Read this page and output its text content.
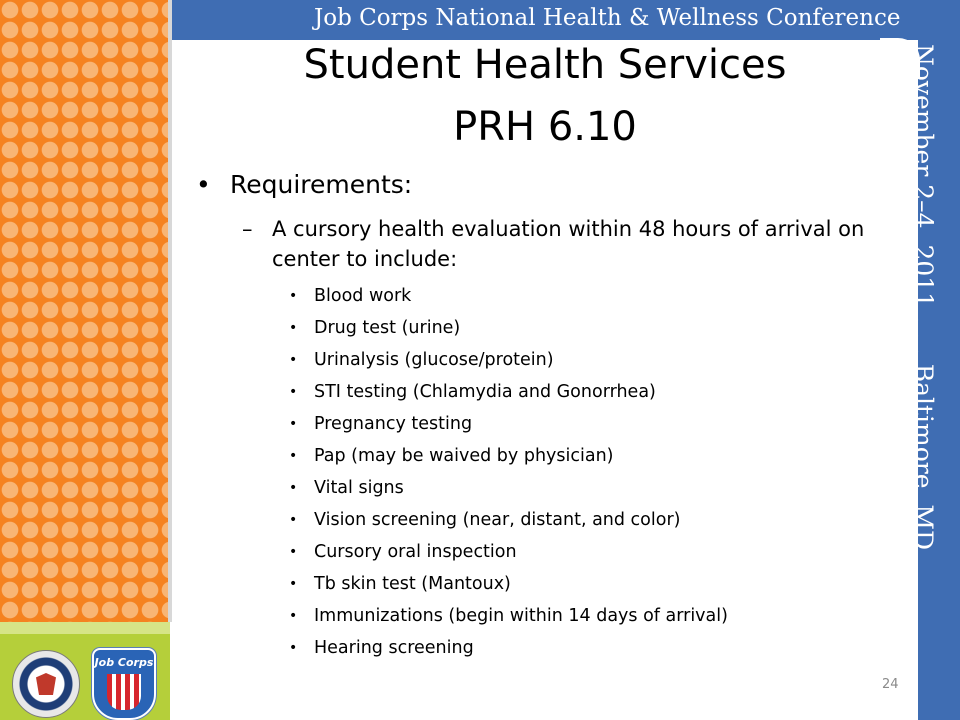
Job Corps
Job Corps National Health & Wellness Conference
November 2–4, 2011 . . . Baltimore, MD
Student Health Services
PRH 6.10
• Requirements:
– A cursory health evaluation within 48 hours of arrival on center to include:
• Blood work
• Drug test (urine)
• Urinalysis (glucose/protein)
• STI testing (Chlamydia and Gonorrhea)
• Pregnancy testing
• Pap (may be waived by physician)
• Vital signs
• Vision screening (near, distant, and color)
• Cursory oral inspection
• Tb skin test (Mantoux)
• Immunizations (begin within 14 days of arrival)
• Hearing screening
24
